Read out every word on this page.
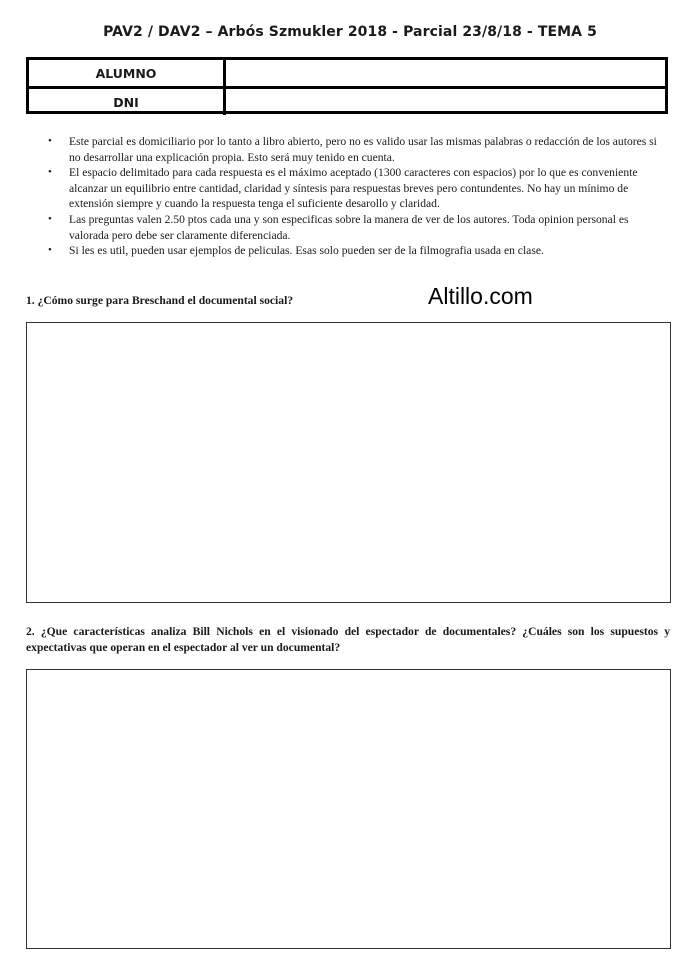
PAV2 / DAV2 – Arbós Szmukler 2018 - Parcial 23/8/18 - TEMA 5
ALUMNO
DNI
• Este parcial es domiciliario por lo tanto a libro abierto, pero no es valido usar las mismas palabras o redacción de los autores si no desarrollar una explicación propia. Esto será muy tenido en cuenta.
• El espacio delimitado para cada respuesta es el máximo aceptado (1300 caracteres con espacios) por lo que es conveniente alcanzar un equilibrio entre cantidad, claridad y síntesis para respuestas breves pero contundentes. No hay un mínimo de extensión siempre y cuando la respuesta tenga el suficiente desarollo y claridad.
• Las preguntas valen 2.50 ptos cada una y son especificas sobre la manera de ver de los autores. Toda opinion personal es valorada pero debe ser claramente diferenciada.
• Si les es util, pueden usar ejemplos de peliculas. Esas solo pueden ser de la filmografia usada en clase.
1. ¿Cómo surge para Breschand el documental social?	Altillo.com
2. ¿Que características analiza Bill Nichols en el visionado del espectador de documentales? ¿Cuáles son los supuestos y expectativas que operan en el espectador al ver un documental?
